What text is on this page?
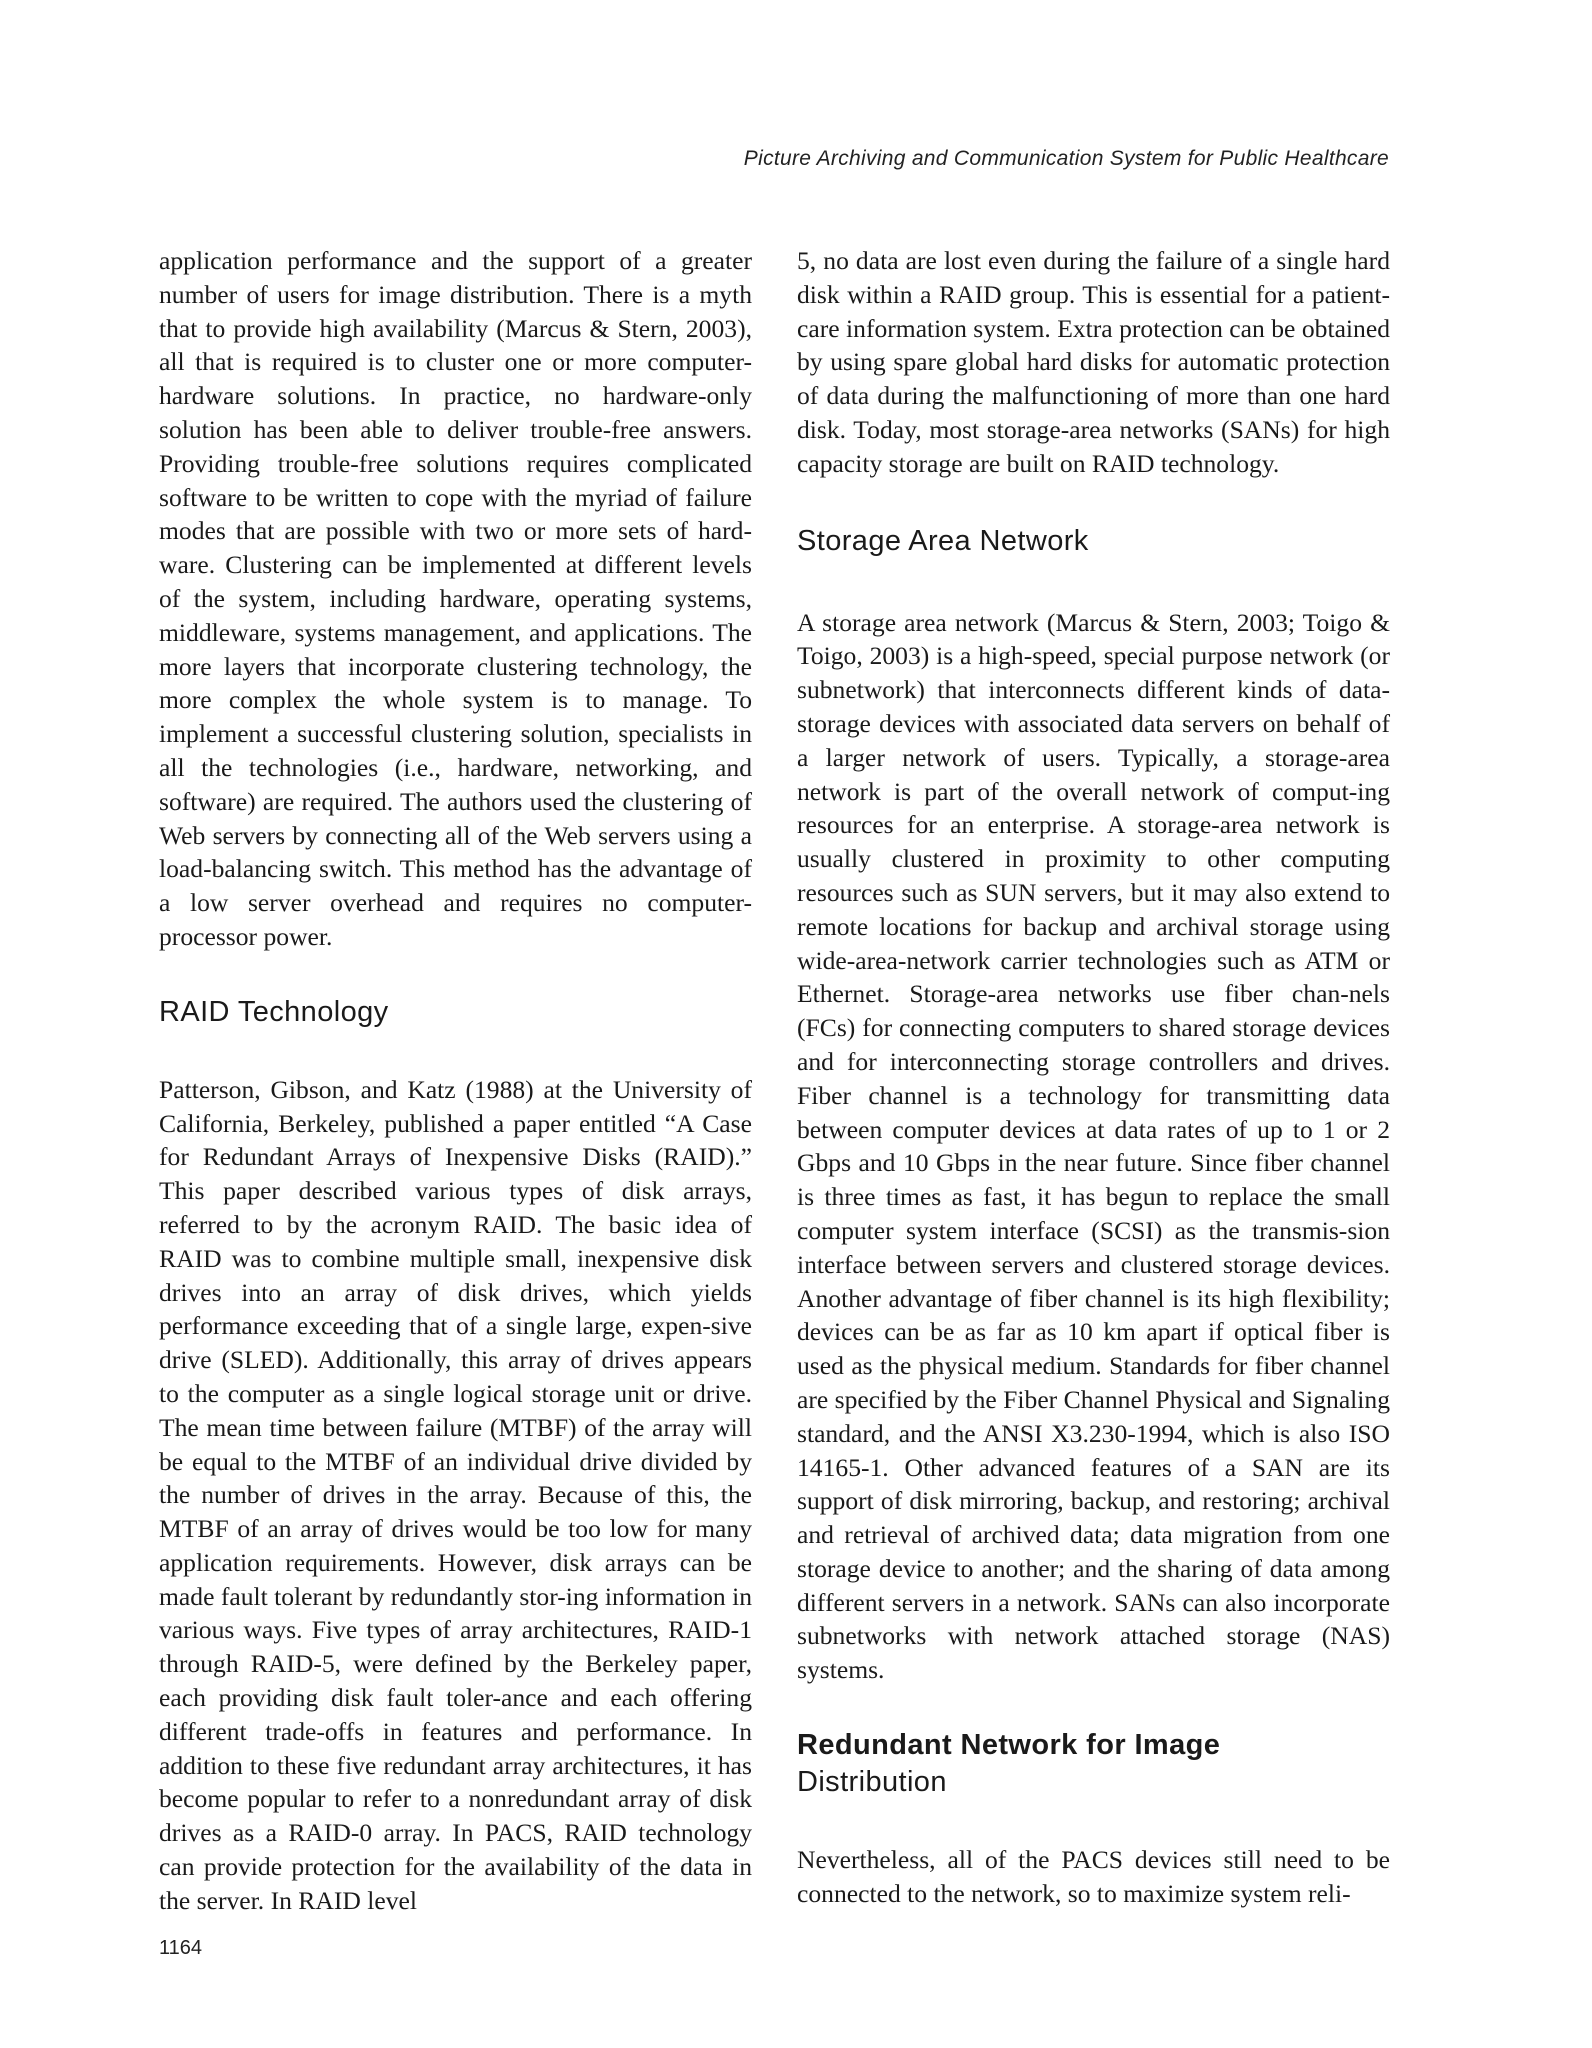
Picture Archiving and Communication System for Public Healthcare

application performance and the support of a greater number of users for image distribution. There is a myth that to provide high availability (Marcus & Stern, 2003), all that is required is to cluster one or more computer-hardware solutions. In practice, no hardware-only solution has been able to deliver trouble-free answers. Providing trouble-free solutions requires complicated software to be written to cope with the myriad of failure modes that are possible with two or more sets of hard-ware. Clustering can be implemented at different levels of the system, including hardware, operating systems, middleware, systems management, and applications. The more layers that incorporate clustering technology, the more complex the whole system is to manage. To implement a successful clustering solution, specialists in all the technologies (i.e., hardware, networking, and software) are required. The authors used the clustering of Web servers by connecting all of the Web servers using a load-balancing switch. This method has the advantage of a low server overhead and requires no computer-processor power.

RAID Technology

Patterson, Gibson, and Katz (1988) at the University of California, Berkeley, published a paper entitled “A Case for Redundant Arrays of Inexpensive Disks (RAID).” This paper described various types of disk arrays, referred to by the acronym RAID. The basic idea of RAID was to combine multiple small, inexpensive disk drives into an array of disk drives, which yields performance exceeding that of a single large, expen-sive drive (SLED). Additionally, this array of drives appears to the computer as a single logical storage unit or drive. The mean time between failure (MTBF) of the array will be equal to the MTBF of an individual drive divided by the number of drives in the array. Because of this, the MTBF of an array of drives would be too low for many application requirements. However, disk arrays can be made fault tolerant by redundantly stor-ing information in various ways. Five types of array architectures, RAID-1 through RAID-5, were defined by the Berkeley paper, each providing disk fault toler-ance and each offering different trade-offs in features and performance. In addition to these five redundant array architectures, it has become popular to refer to a nonredundant array of disk drives as a RAID-0 array. In PACS, RAID technology can provide protection for the availability of the data in the server. In RAID level

5, no data are lost even during the failure of a single hard disk within a RAID group. This is essential for a patient-care information system. Extra protection can be obtained by using spare global hard disks for automatic protection of data during the malfunctioning of more than one hard disk. Today, most storage-area networks (SANs) for high capacity storage are built on RAID technology.

Storage Area Network

A storage area network (Marcus & Stern, 2003; Toigo & Toigo, 2003) is a high-speed, special purpose network (or subnetwork) that interconnects different kinds of data-storage devices with associated data servers on behalf of a larger network of users. Typically, a storage-area network is part of the overall network of comput-ing resources for an enterprise. A storage-area network is usually clustered in proximity to other computing resources such as SUN servers, but it may also extend to remote locations for backup and archival storage using wide-area-network carrier technologies such as ATM or Ethernet. Storage-area networks use fiber chan-nels (FCs) for connecting computers to shared storage devices and for interconnecting storage controllers and drives. Fiber channel is a technology for transmitting data between computer devices at data rates of up to 1 or 2 Gbps and 10 Gbps in the near future. Since fiber channel is three times as fast, it has begun to replace the small computer system interface (SCSI) as the transmis-sion interface between servers and clustered storage devices. Another advantage of fiber channel is its high flexibility; devices can be as far as 10 km apart if optical fiber is used as the physical medium. Standards for fiber channel are specified by the Fiber Channel Physical and Signaling standard, and the ANSI X3.230-1994, which is also ISO 14165-1. Other advanced features of a SAN are its support of disk mirroring, backup, and restoring; archival and retrieval of archived data; data migration from one storage device to another; and the sharing of data among different servers in a network. SANs can also incorporate subnetworks with network attached storage (NAS) systems.

Redundant Network for Image
Distribution

Nevertheless, all of the PACS devices still need to be connected to the network, so to maximize system reli-

1164
